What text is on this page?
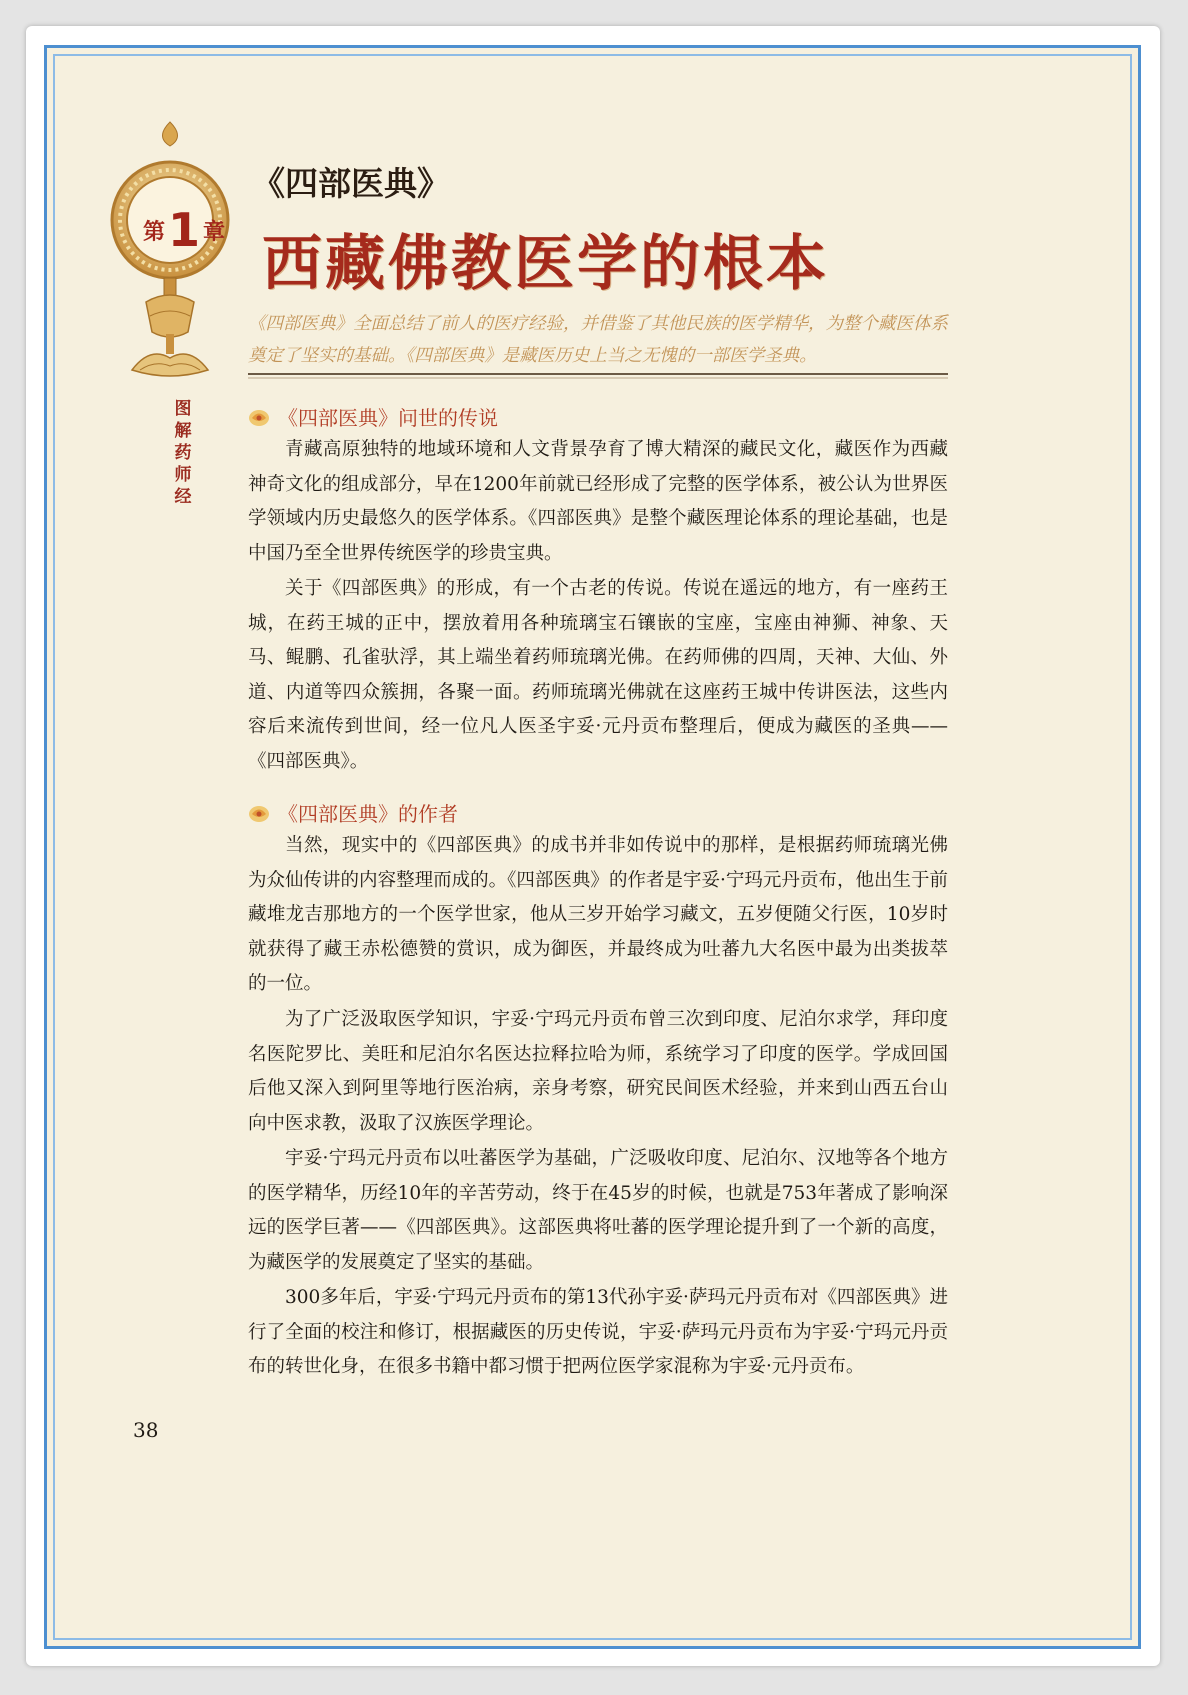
第 1 章
图
解
药
师
经
《四部医典》
西藏佛教医学的根本
《四部医典》全面总结了前人的医疗经验，并借鉴了其他民族的医学精华，为整个藏医体系奠定了坚实的基础。《四部医典》是藏医历史上当之无愧的一部医学圣典。
《四部医典》问世的传说

青藏高原独特的地域环境和人文背景孕育了博大精深的藏民文化，藏医作为西藏神奇文化的组成部分，早在1200年前就已经形成了完整的医学体系，被公认为世界医学领域内历史最悠久的医学体系。《四部医典》是整个藏医理论体系的理论基础，也是中国乃至全世界传统医学的珍贵宝典。

关于《四部医典》的形成，有一个古老的传说。传说在遥远的地方，有一座药王城，在药王城的正中，摆放着用各种琉璃宝石镶嵌的宝座，宝座由神狮、神象、天马、鲲鹏、孔雀驮浮，其上端坐着药师琉璃光佛。在药师佛的四周，天神、大仙、外道、内道等四众簇拥，各聚一面。药师琉璃光佛就在这座药王城中传讲医法，这些内容后来流传到世间，经一位凡人医圣宇妥·元丹贡布整理后，便成为藏医的圣典——《四部医典》。

《四部医典》的作者

当然，现实中的《四部医典》的成书并非如传说中的那样，是根据药师琉璃光佛为众仙传讲的内容整理而成的。《四部医典》的作者是宇妥·宁玛元丹贡布，他出生于前藏堆龙吉那地方的一个医学世家，他从三岁开始学习藏文，五岁便随父行医，10岁时就获得了藏王赤松德赞的赏识，成为御医，并最终成为吐蕃九大名医中最为出类拔萃的一位。

为了广泛汲取医学知识，宇妥·宁玛元丹贡布曾三次到印度、尼泊尔求学，拜印度名医陀罗比、美旺和尼泊尔名医达拉释拉哈为师，系统学习了印度的医学。学成回国后他又深入到阿里等地行医治病，亲身考察，研究民间医术经验，并来到山西五台山向中医求教，汲取了汉族医学理论。

宇妥·宁玛元丹贡布以吐蕃医学为基础，广泛吸收印度、尼泊尔、汉地等各个地方的医学精华，历经10年的辛苦劳动，终于在45岁的时候，也就是753年著成了影响深远的医学巨著——《四部医典》。这部医典将吐蕃的医学理论提升到了一个新的高度，为藏医学的发展奠定了坚实的基础。

300多年后，宇妥·宁玛元丹贡布的第13代孙宇妥·萨玛元丹贡布对《四部医典》进行了全面的校注和修订，根据藏医的历史传说，宇妥·萨玛元丹贡布为宇妥·宁玛元丹贡布的转世化身，在很多书籍中都习惯于把两位医学家混称为宇妥·元丹贡布。

38
